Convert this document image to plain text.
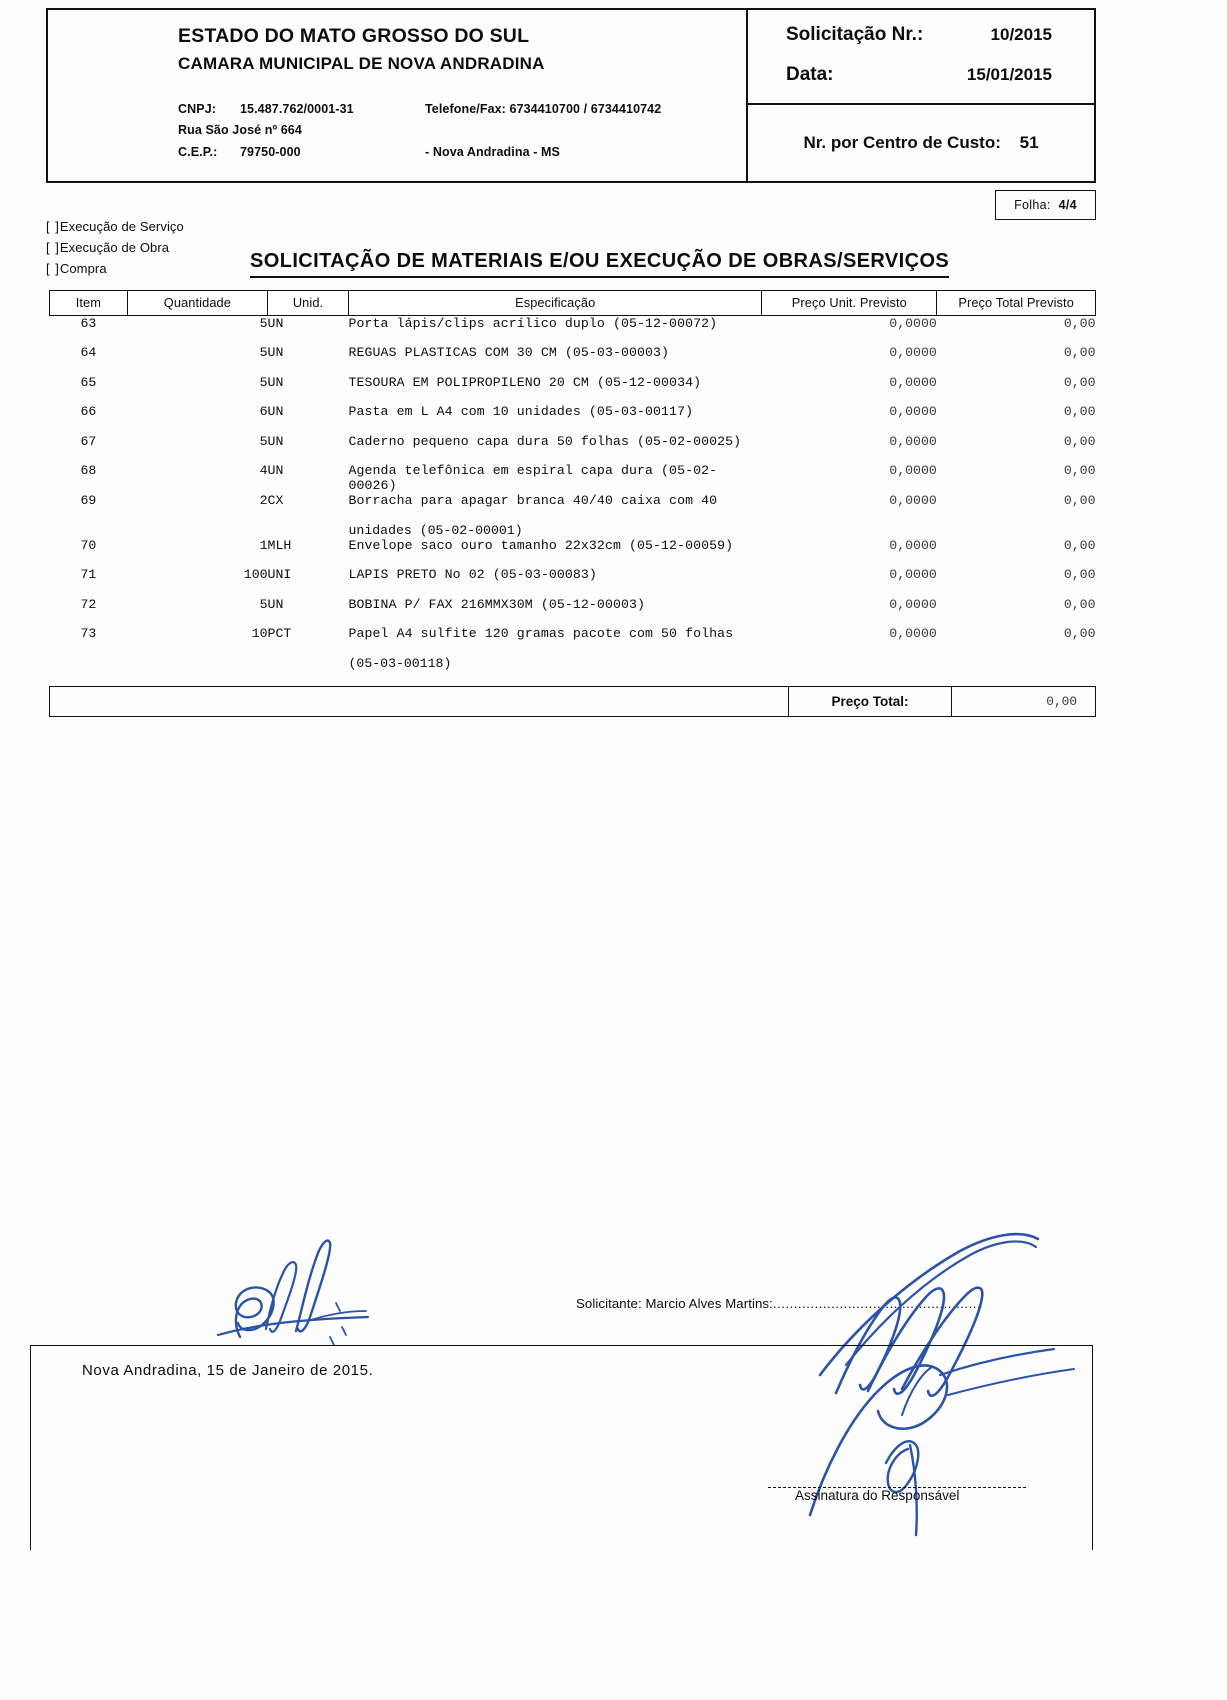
ESTADO DO MATO GROSSO DO SUL
CAMARA MUNICIPAL DE NOVA ANDRADINA
CNPJ:	15.487.762/0001-31	Telefone/Fax:
6734410700 / 6734410742
Rua São José nº 664
C.E.P.:	79750-000	- Nova Andradina - MS
Solicitação Nr.:	10/2015
Data:	15/01/2015
Nr. por Centro de Custo: 51
Folha: 4/4
[ ]Execução de Serviço
[ ]Execução de Obra
[ ]Compra	SOLICITAÇÃO DE MATERIAIS E/OU EXECUÇÃO DE OBRAS/SERVIÇOS
Item	Quantidade	Unid.	Especificação	Preço Unit. Previsto	Preço Total Previsto
63	5	UN	Porta lápis/clips acrílico duplo (05-12-00072)	0,0000	0,00
64	5	UN	REGUAS PLASTICAS COM 30 CM (05-03-00003)	0,0000	0,00
65	5	UN	TESOURA EM POLIPROPILENO 20 CM (05-12-00034)	0,0000	0,00
66	6	UN	Pasta em L A4 com 10 unidades (05-03-00117)	0,0000	0,00
67	5	UN	Caderno pequeno capa dura 50 folhas (05-02-00025)	0,0000	0,00
68	4	UN	Agenda telefônica em espiral capa dura (05-02-00026)	0,0000	0,00
69	2	CX	Borracha para apagar branca 40/40 caixa com 40	0,0000	0,00
			unidades (05-02-00001)		
70	1	MLH	Envelope saco ouro tamanho 22x32cm (05-12-00059)	0,0000	0,00
71	100	UNI	LAPIS PRETO No 02 (05-03-00083)	0,0000	0,00
72	5	UN	BOBINA P/ FAX 216MMX30M (05-12-00003)	0,0000	0,00
73	10	PCT	Papel A4 sulfite 120 gramas pacote com 50 folhas	0,0000	0,00
			(05-03-00118)		
Preço Total:	0,00
Solicitante: Marcio Alves Martins:..................................................
Nova Andradina, 15 de Janeiro de 2015.
Assinatura do Responsável
